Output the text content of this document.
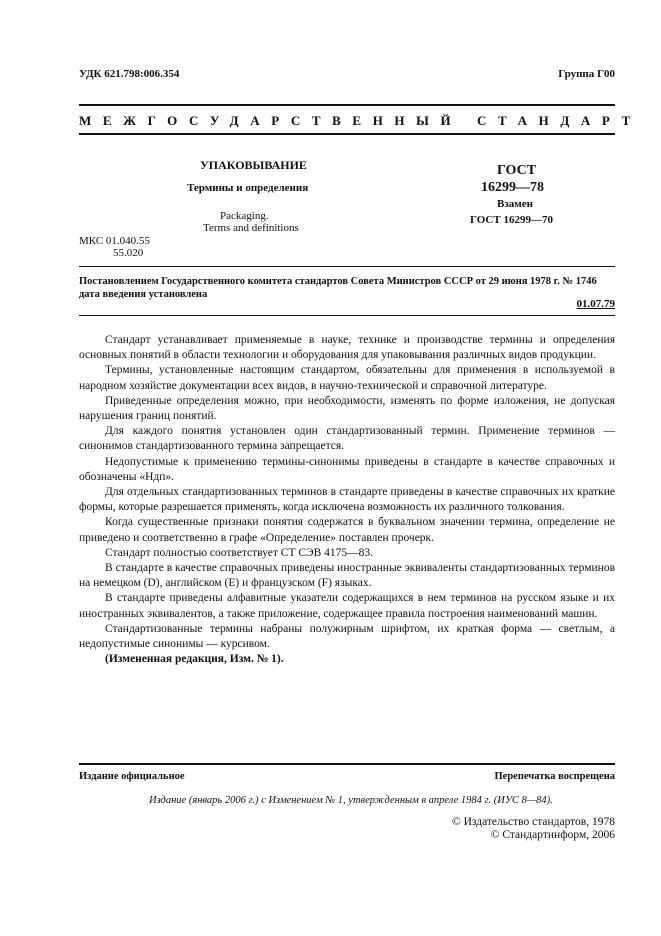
УДК 621.798:006.354	Группа Г00
МЕЖГОСУДАРСТВЕННЫЙ СТАНДАРТ
УПАКОВЫВАНИЕ
Термины и определения
Packaging.
Terms and definitions
МКС 01.040.55
55.020
ГОСТ
16299—78
Взамен
ГОСТ 16299—70
Постановлением Государственного комитета стандартов Совета Министров СССР от 29 июня 1978 г. № 1746 дата введения установлена
01.07.79

Стандарт устанавливает применяемые в науке, технике и производстве термины и определения основных понятий в области технологии и оборудования для упаковывания различных видов продукции.

Термины, установленные настоящим стандартом, обязательны для применения в используемой в народном хозяйстве документации всех видов, в научно-технической и справочной литературе.

Приведенные определения можно, при необходимости, изменять по форме изложения, не допуская нарушения границ понятий.

Для каждого понятия установлен один стандартизованный термин. Применение терминов — синонимов стандартизованного термина запрещается.

Недопустимые к применению термины-синонимы приведены в стандарте в качестве справочных и обозначены «Ндп».

Для отдельных стандартизованных терминов в стандарте приведены в качестве справочных их краткие формы, которые разрешается применять, когда исключена возможность их различного толкования.

Когда существенные признаки понятия содержатся в буквальном значении термина, определение не приведено и соответственно в графе «Определение» поставлен прочерк.

Стандарт полностью соответствует СТ СЭВ 4175—83.

В стандарте в качестве справочных приведены иностранные эквиваленты стандартизованных терминов на немецком (D), английском (E) и французском (F) языках.

В стандарте приведены алфавитные указатели содержащихся в нем терминов на русском языке и их иностранных эквивалентов, а также приложение, содержащее правила построения наименований машин.

Стандартизованные термины набраны полужирным шрифтом, их краткая форма — светлым, а недопустимые синонимы — курсивом.

(Измененная редакция, Изм. № 1).

Издание официальное	Перепечатка воспрещена
Издание (январь 2006 г.) с Изменением № 1, утвержденным в апреле 1984 г. (ИУС 8—84).
© Издательство стандартов, 1978
© Стандартинформ, 2006
